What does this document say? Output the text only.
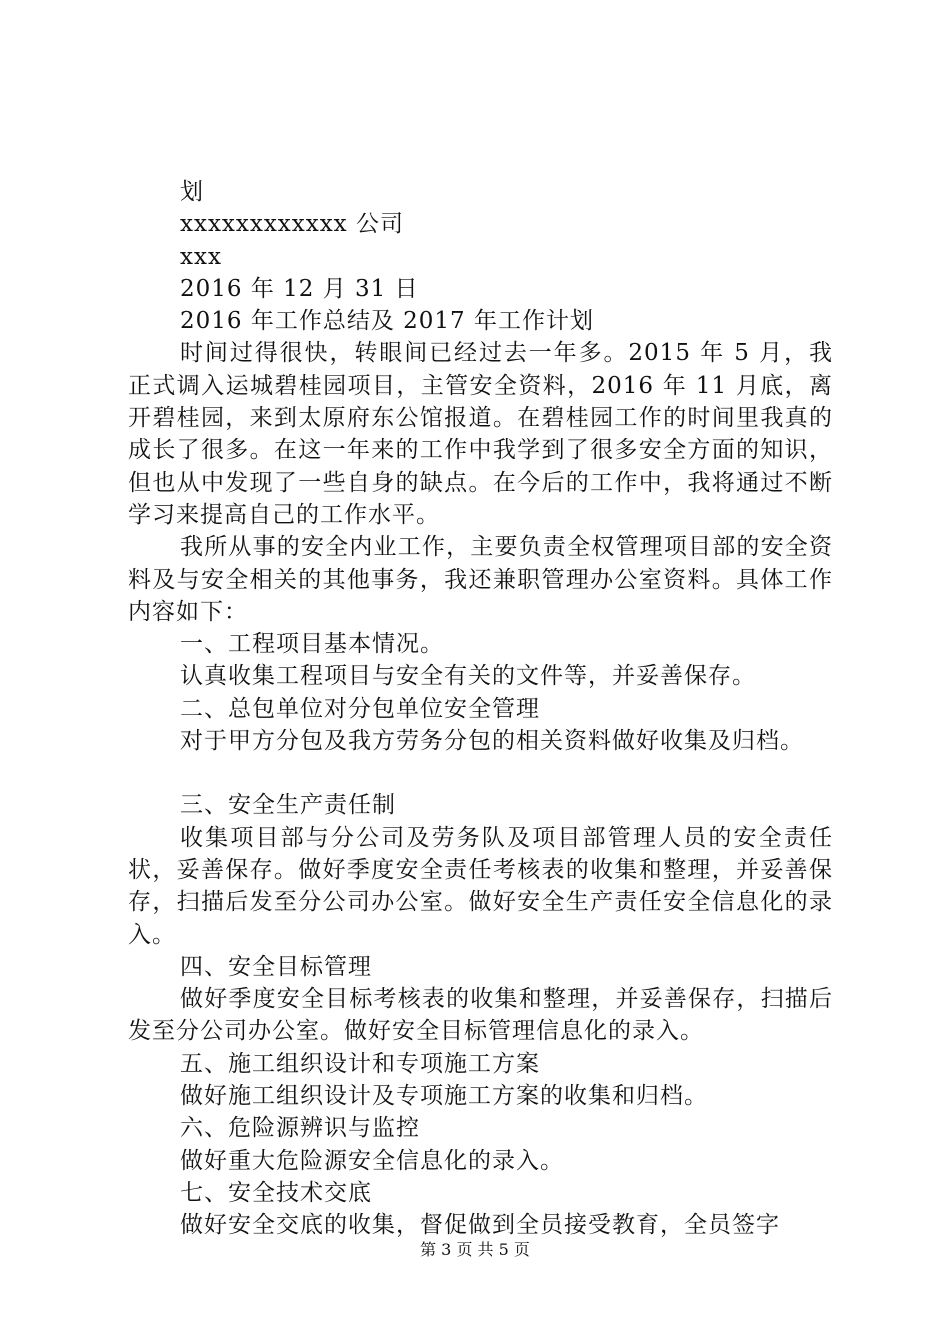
划

xxxxxxxxxxxx 公司

xxx

2016 年 12 月 31 日

2016 年工作总结及 2017 年工作计划

时间过得很快，转眼间已经过去一年多。2015 年 5 月，我正式调入运城碧桂园项目，主管安全资料，2016 年 11 月底，离开碧桂园，来到太原府东公馆报道。在碧桂园工作的时间里我真的成长了很多。在这一年来的工作中我学到了很多安全方面的知识，但也从中发现了一些自身的缺点。在今后的工作中，我将通过不断学习来提高自己的工作水平。

我所从事的安全内业工作，主要负责全权管理项目部的安全资料及与安全相关的其他事务，我还兼职管理办公室资料。具体工作内容如下：

一、工程项目基本情况。

认真收集工程项目与安全有关的文件等，并妥善保存。

二、总包单位对分包单位安全管理

对于甲方分包及我方劳务分包的相关资料做好收集及归档。

三、安全生产责任制

收集项目部与分公司及劳务队及项目部管理人员的安全责任状，妥善保存。做好季度安全责任考核表的收集和整理，并妥善保存，扫描后发至分公司办公室。做好安全生产责任安全信息化的录入。

四、安全目标管理

做好季度安全目标考核表的收集和整理，并妥善保存，扫描后发至分公司办公室。做好安全目标管理信息化的录入。

五、施工组织设计和专项施工方案

做好施工组织设计及专项施工方案的收集和归档。

六、危险源辨识与监控

做好重大危险源安全信息化的录入。

七、安全技术交底

做好安全交底的收集，督促做到全员接受教育，全员签字

第 3 页 共 5 页
